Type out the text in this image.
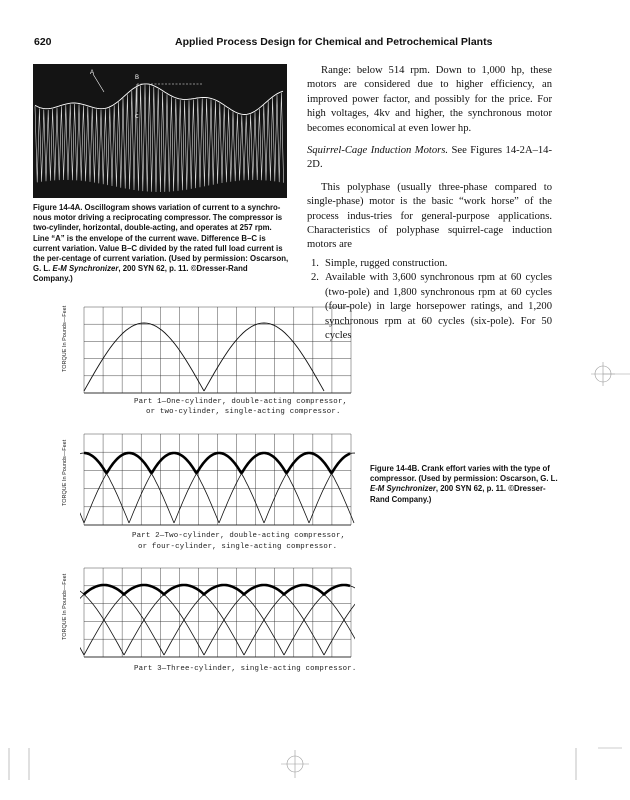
620	Applied Process Design for Chemical and Petrochemical Plants
A
B
C
Figure 14-4A. Oscillogram shows variation of current to a synchro-nous motor driving a reciprocating compressor. The compressor is two-cylinder, horizontal, double-acting, and operates at 257 rpm. Line “A” is the envelope of the current wave. Difference B–C is current variation. Value B–C divided by the rated full load current is the per-centage of current variation. (Used by permission: Oscarson, G. L. E-M Synchronizer, 200 SYN 62, p. 11. ©Dresser-Rand Company.)

Range: below 514 rpm. Down to 1,000 hp, these motors are considered due to higher efficiency, an improved power factor, and possibly for the price. For high voltages, 4kv and higher, the synchronous motor becomes economical at even lower hp.

Squirrel-Cage Induction Motors. See Figures 14-2A–14-2D.

This polyphase (usually three-phase compared to single-phase) motor is the basic “work horse” of the process indus-tries for general-purpose applications. Characteristics of polyphase squirrel-cage induction motors are

1. Simple, rugged construction.
2. Available with 3,600 synchronous rpm at 60 cycles (two-pole) and 1,800 synchronous rpm at 60 cycles (four-pole) in large horsepower ratings, and 1,200 synchronous rpm at 60 cycles (six-pole). For 50 cycles
TORQUE In Pounds—Feet
Part 1—One-cylinder, double-acting compressor,
or two-cylinder, single-acting compressor.
TORQUE In Pounds—Feet
Part 2—Two-cylinder, double-acting compressor,
or four-cylinder, single-acting compressor.
TORQUE In Pounds—Feet
Part 3—Three-cylinder, single-acting compressor.
Figure 14-4B. Crank effort varies with the type of compressor. (Used by permission: Oscarson, G. L. E-M Synchronizer, 200 SYN 62, p. 11. ©Dresser-Rand Company.)
